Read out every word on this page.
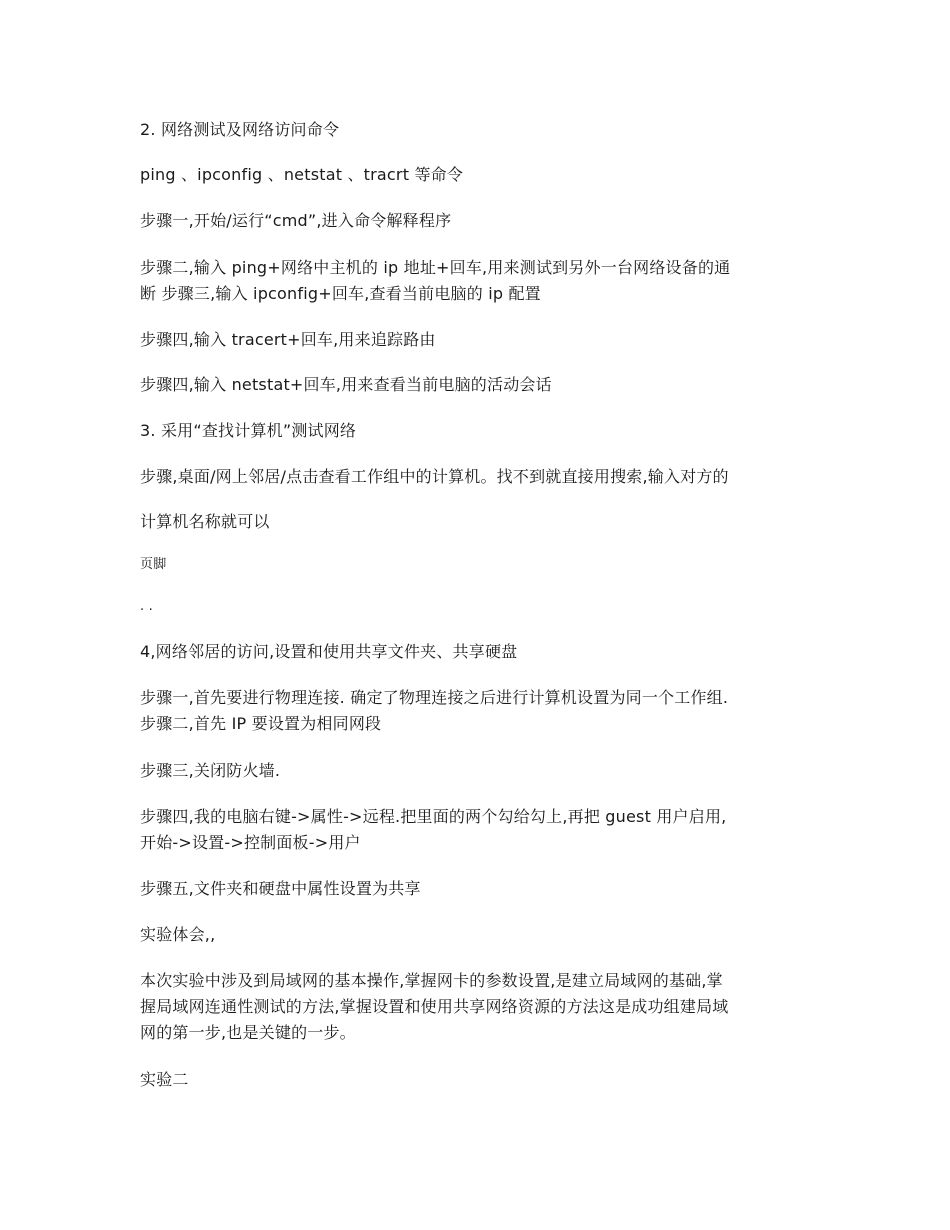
2. 网络测试及网络访问命令
ping 、ipconfig 、netstat 、tracrt 等命令
步骤一,开始/运行“cmd”,进入命令解释程序
步骤二,输入 ping+网络中主机的 ip 地址+回车,用来测试到另外一台网络设备的通
断 步骤三,输入 ipconfig+回车,查看当前电脑的 ip 配置
步骤四,输入 tracert+回车,用来追踪路由
步骤四,输入 netstat+回车,用来查看当前电脑的活动会话
3. 采用“查找计算机”测试网络
步骤,桌面/网上邻居/点击查看工作组中的计算机。找不到就直接用搜索,输入对方的
计算机名称就可以
页脚
. .
4,网络邻居的访问,设置和使用共享文件夹、共享硬盘
步骤一,首先要进行物理连接. 确定了物理连接之后进行计算机设置为同一个工作组.
步骤二,首先 IP 要设置为相同网段
步骤三,关闭防火墙.
步骤四,我的电脑右键->属性->远程.把里面的两个勾给勾上,再把 guest 用户启用,
开始->设置->控制面板->用户
步骤五,文件夹和硬盘中属性设置为共享
实验体会,,
本次实验中涉及到局域网的基本操作,掌握网卡的参数设置,是建立局域网的基础,掌
握局域网连通性测试的方法,掌握设置和使用共享网络资源的方法这是成功组建局域
网的第一步,也是关键的一步。
实验二
